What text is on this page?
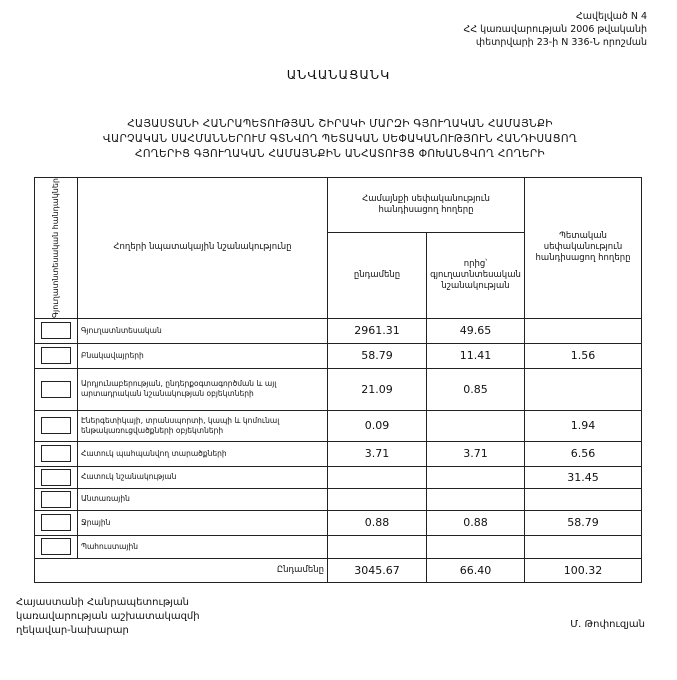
Հավելված N 4
ՀՀ կառավարության 2006 թվականի
փետրվարի 23-ի N 336-Ն որոշման
ԱՆՎԱՆԱՑԱՆԿ
ՀԱՅԱՍՏԱՆԻ ՀԱՆՐԱՊԵՏՈՒԹՅԱՆ ՇԻՐԱԿԻ ՄԱՐԶԻ ԳՅՈՒՂԱԿԱՆ ՀԱՄԱՅՆՔԻ
ՎԱՐՉԱԿԱՆ ՍԱՀՄԱՆՆԵՐՈՒՄ ԳՏՆՎՈՂ ՊԵՏԱԿԱՆ ՍԵՓԱԿԱՆՈՒԹՅՈՒՆ ՀԱՆԴԻՍԱՑՈՂ
ՀՈՂԵՐԻՑ ԳՅՈՒՂԱԿԱՆ ՀԱՄԱՅՆՔԻՆ ԱՆՀԱՏՈՒՅՑ ՓՈԽԱՆՑՎՈՂ ՀՈՂԵՐԻ
Գյուղատնտեսական հանդակներ	Հողերի նպատակային նշանակությունը	Համայնքի սեփականություն հանդիսացող հողերը		Պետական սեփականություն հանդիսացող հողերը
		ընդամենը	որից՝ գյուղատնտեսական նշանակության	
	Գյուղատնտեսական	2961.31	49.65	
	Բնակավայրերի	58.79	11.41	1.56
	Արդյունաբերության, ընդերքօգտագործման և այլ արտադրական նշանակության օբյեկտների	21.09	0.85	
	Էներգետիկայի, տրանսպորտի, կապի և կոմունալ ենթակառուցվածքների օբյեկտների	0.09		1.94
	Հատուկ պահպանվող տարածքների	3.71	3.71	6.56
	Հատուկ նշանակության			31.45
	Անտառային			
	Ջրային	0.88	0.88	58.79
	Պահուստային			
Ընդամենը		3045.67	66.40	100.32
Հայաստանի Հանրապետության
կառավարության աշխատակազմի
ղեկավար-նախարար
Մ. Թոփուզյան
